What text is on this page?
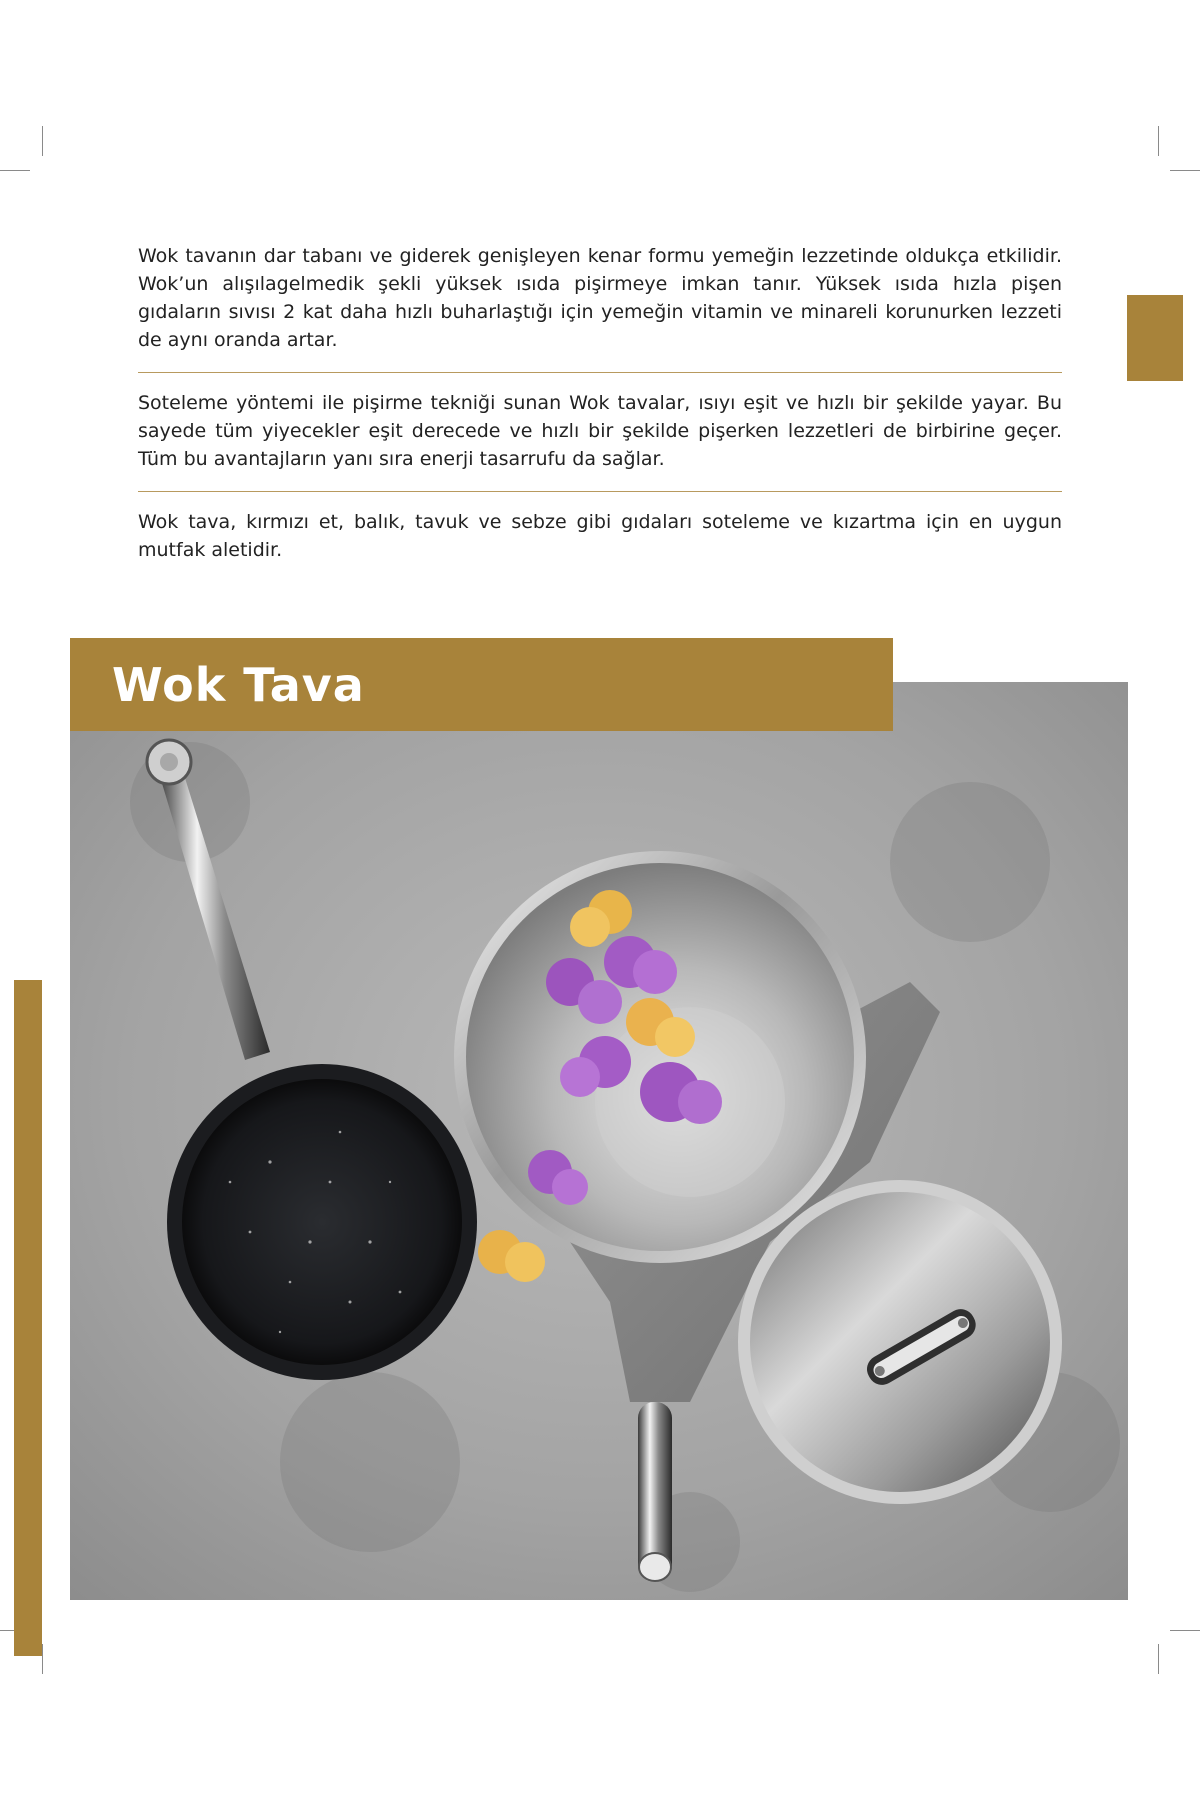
Wok tavanın dar tabanı ve giderek genişleyen kenar formu yemeğin lezzetinde oldukça etkilidir. Wok’un alışılagelmedik şekli yüksek ısıda pişirmeye imkan tanır. Yüksek ısıda hızla pişen gıdaların sıvısı 2 kat daha hızlı buharlaştığı için yemeğin vitamin ve minareli korunurken lezzeti de aynı oranda artar.

Soteleme yöntemi ile pişirme tekniği sunan Wok tavalar, ısıyı eşit ve hızlı bir şekilde yayar. Bu sayede tüm yiyecekler eşit derecede ve hızlı bir şekilde pişerken lezzetleri de birbirine geçer. Tüm bu avantajların yanı sıra enerji tasarrufu da sağlar.

Wok tava, kırmızı et, balık, tavuk ve sebze gibi gıdaları soteleme ve kızartma için en uygun mutfak aletidir.

Wok Tava
